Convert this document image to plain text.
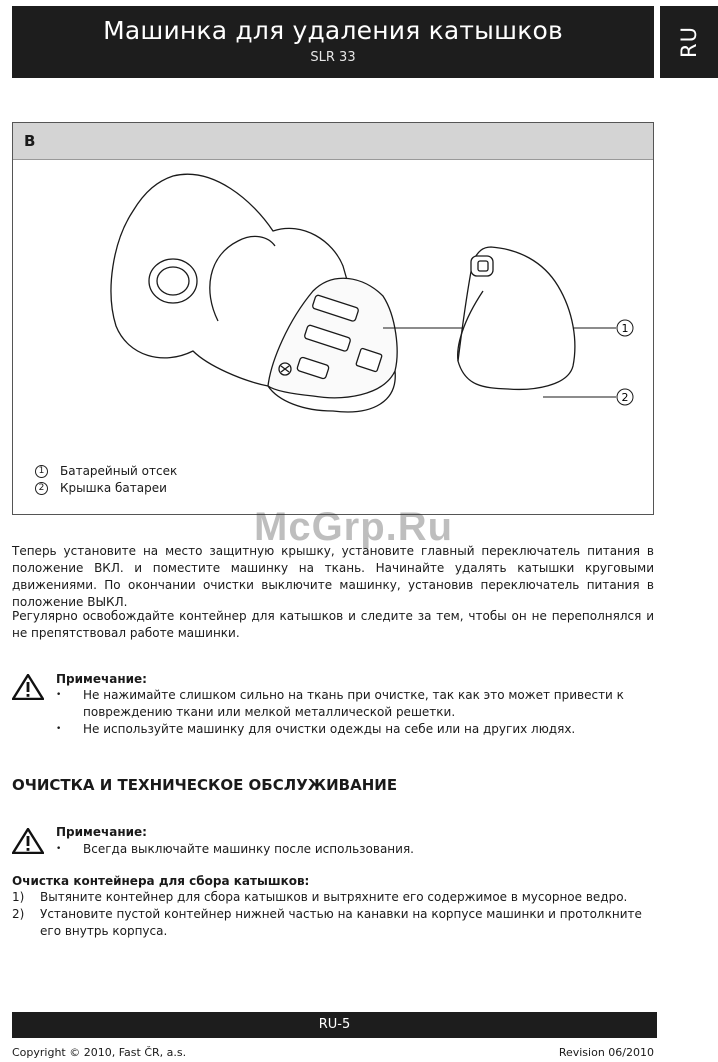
Машинка для удаления катышков
SLR 33	RU
B
1
2
1	Батарейный отсек
2	Крышка батареи
McGrp.Ru

Теперь установите на место защитную крышку, установите главный переключатель питания в положение ВКЛ. и поместите машинку на ткань. Начинайте удалять катышки круговыми движениями. По окончании очистки выключите машинку, установив переключатель питания в положение ВЫКЛ.

Регулярно освобождайте контейнер для катышков и следите за тем, чтобы он не переполнялся и не препятствовал работе машинки.

Примечание:
• Не нажимайте слишком сильно на ткань при очистке, так как это может привести к повреждению ткани или мелкой металлической решетки.
• Не используйте машинку для очистки одежды на себе или на других людях.
ОЧИСТКА И ТЕХНИЧЕСКОЕ ОБСЛУЖИВАНИЕ
Примечание:
• Всегда выключайте машинку после использования.
Очистка контейнера для сбора катышков:
1) Вытяните контейнер для сбора катышков и вытряхните его содержимое в мусорное ведро.
2) Установите пустой контейнер нижней частью на канавки на корпусе машинки и протолкните его внутрь корпуса.
RU-5
Copyright © 2010, Fast ČR, a.s.	Revision 06/2010
